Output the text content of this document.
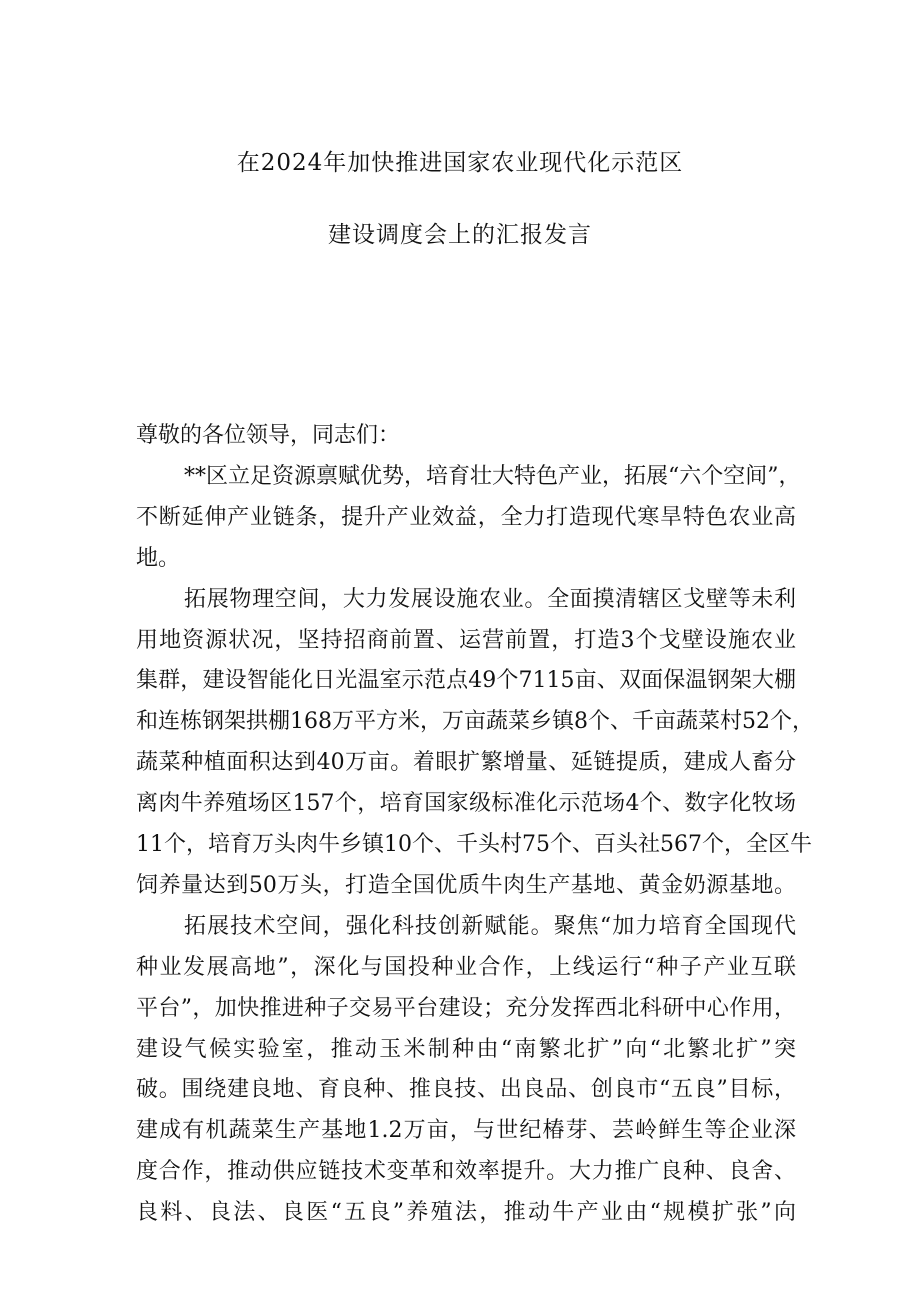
在2024年加快推进国家农业现代化示范区
建设调度会上的汇报发言
尊敬的各位领导，同志们：
**区立足资源禀赋优势，培育壮大特色产业，拓展“六个空间”，
不断延伸产业链条，提升产业效益，全力打造现代寒旱特色农业高
地。
拓展物理空间，大力发展设施农业。全面摸清辖区戈壁等未利
用地资源状况，坚持招商前置、运营前置，打造3个戈壁设施农业
集群，建设智能化日光温室示范点49个7115亩、双面保温钢架大棚
和连栋钢架拱棚168万平方米，万亩蔬菜乡镇8个、千亩蔬菜村52个，
蔬菜种植面积达到40万亩。着眼扩繁增量、延链提质，建成人畜分
离肉牛养殖场区157个，培育国家级标准化示范场4个、数字化牧场
11个，培育万头肉牛乡镇10个、千头村75个、百头社567个，全区牛
饲养量达到50万头，打造全国优质牛肉生产基地、黄金奶源基地。
拓展技术空间，强化科技创新赋能。聚焦“加力培育全国现代
种业发展高地”，深化与国投种业合作，上线运行“种子产业互联
平台”，加快推进种子交易平台建设；充分发挥西北科研中心作用，
建设气候实验室，推动玉米制种由“南繁北扩”向“北繁北扩”突
破。围绕建良地、育良种、推良技、出良品、创良市“五良”目标，
建成有机蔬菜生产基地1.2万亩，与世纪椿芽、芸岭鲜生等企业深
度合作，推动供应链技术变革和效率提升。大力推广良种、良舍、
良料、良法、良医“五良”养殖法，推动牛产业由“规模扩张”向
